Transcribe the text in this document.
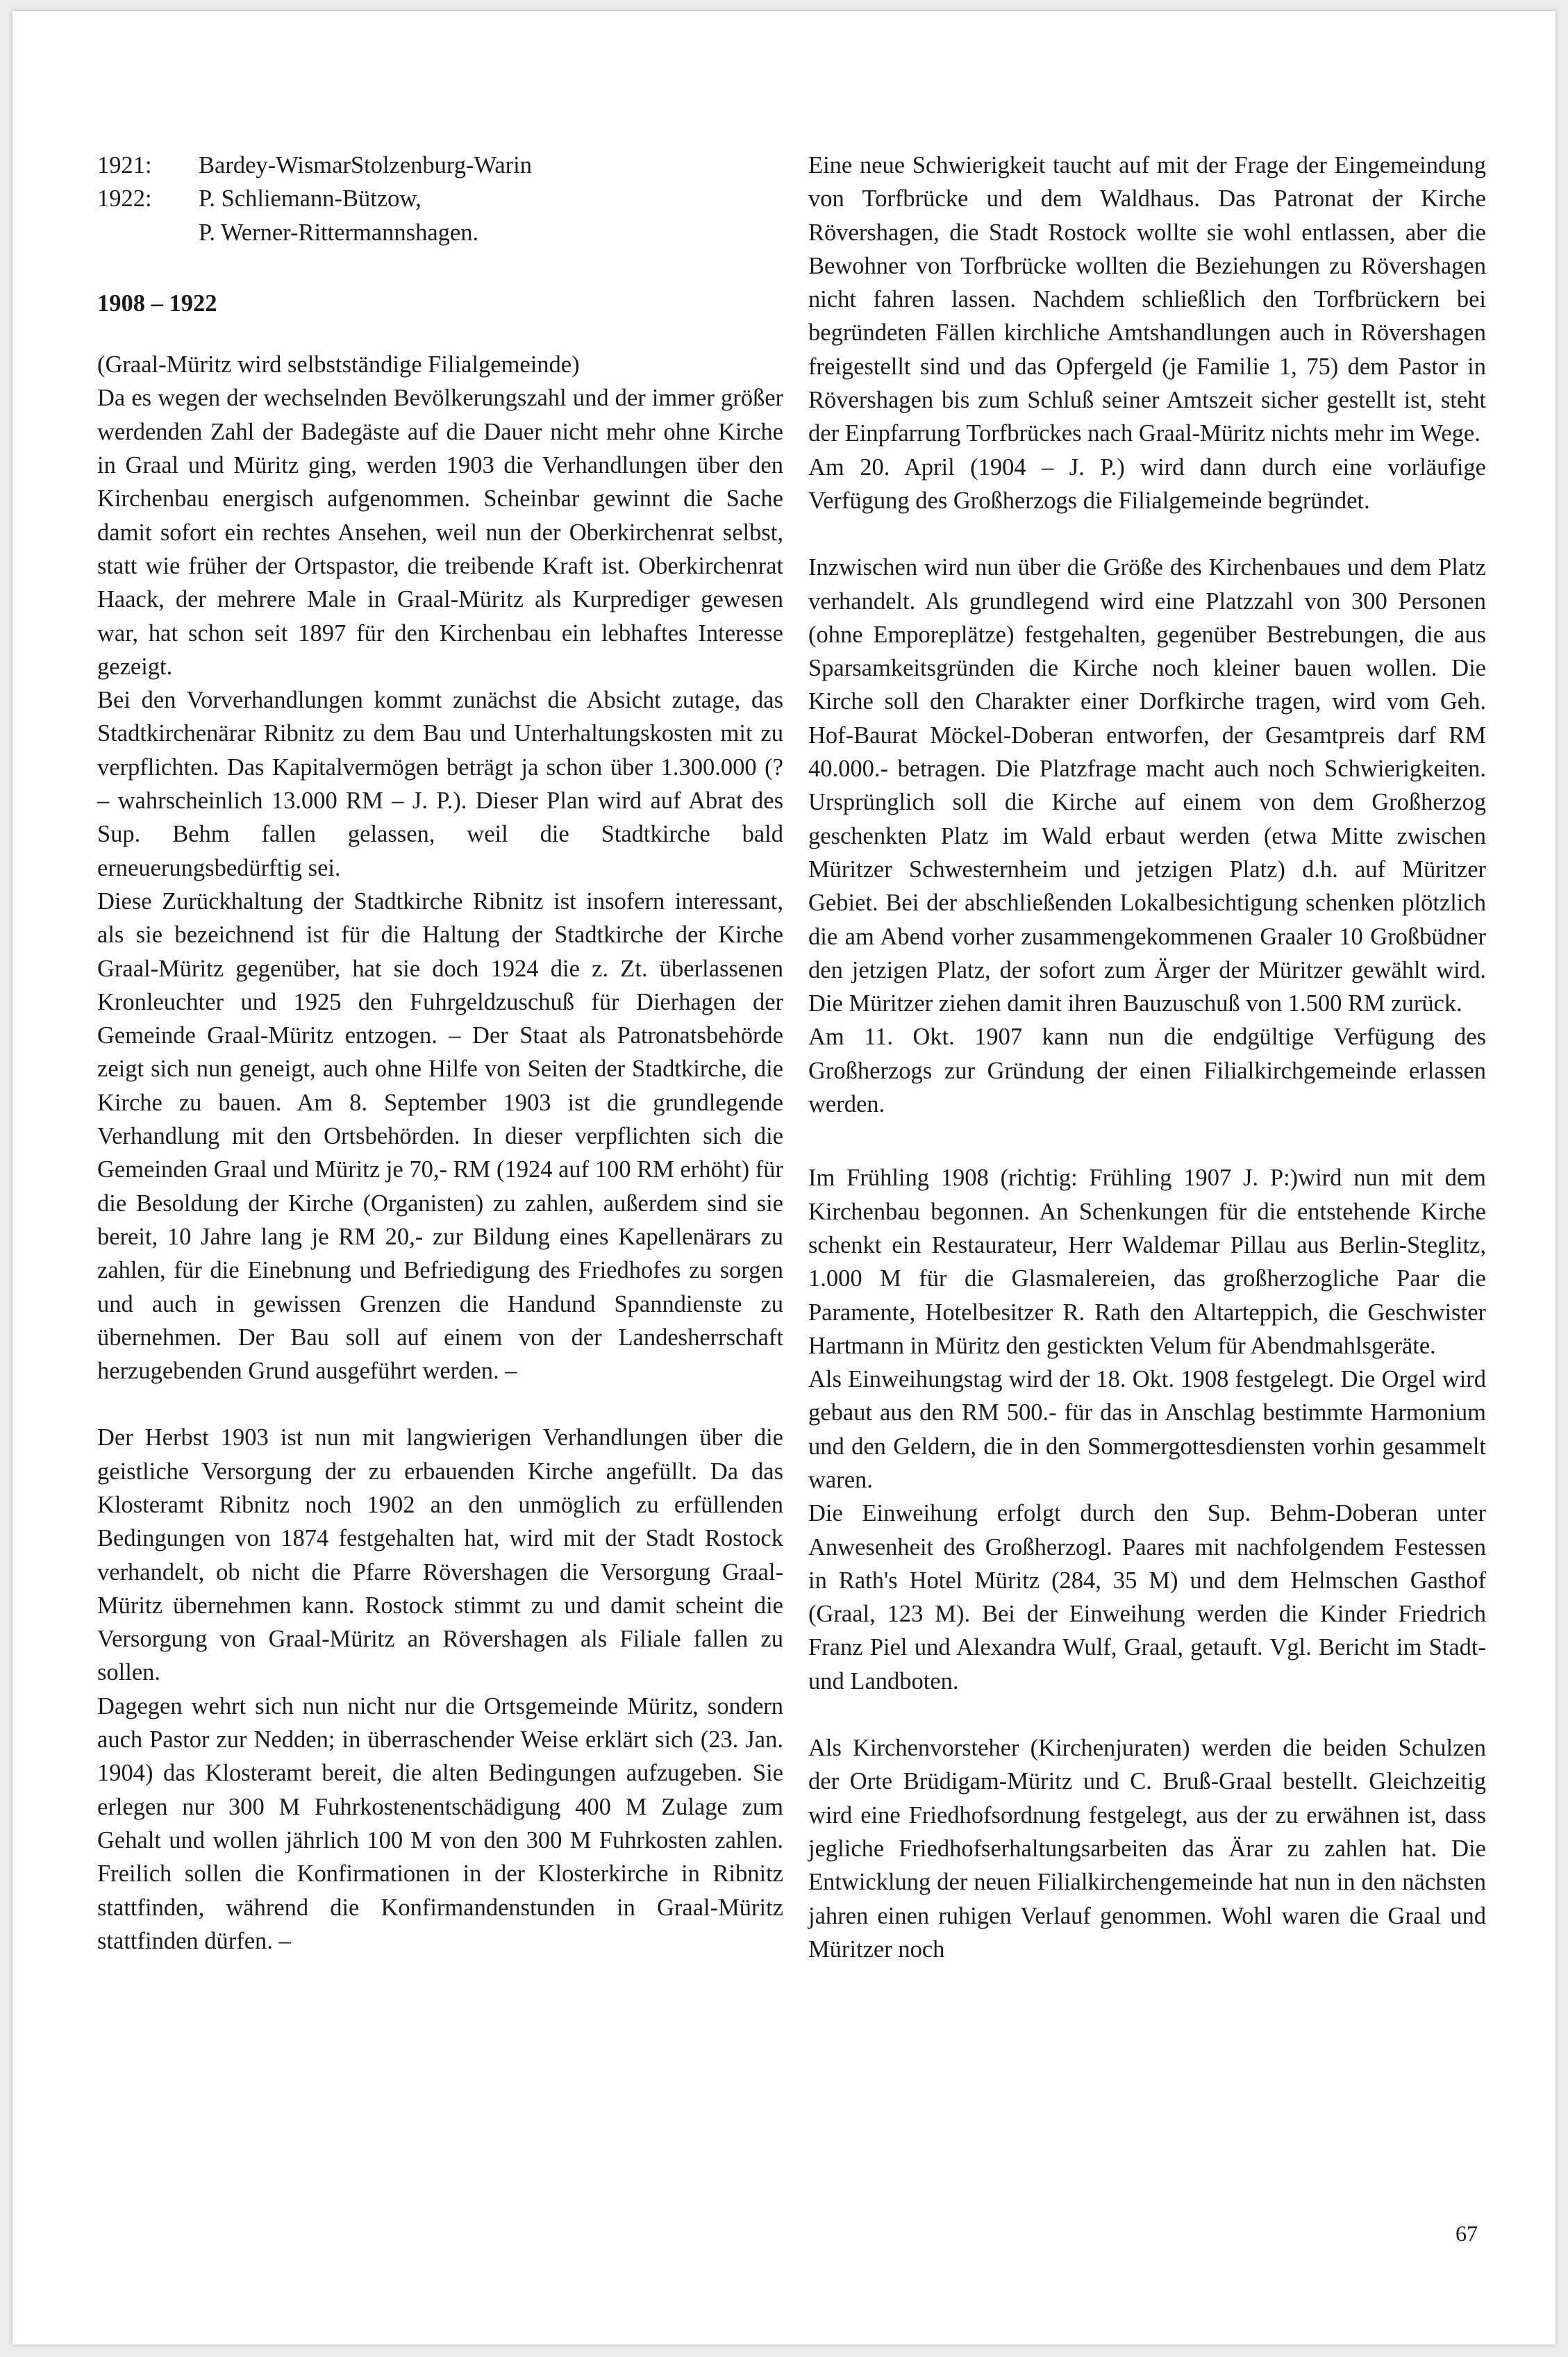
1921:	Bardey-WismarStolzenburg-Warin
1922:	P. Schliemann-Bützow,
P. Werner-Rittermannshagen.
1908 – 1922

(Graal-Müritz wird selbstständige Filialgemeinde)

Da es wegen der wechselnden Bevölkerungszahl und der immer größer werdenden Zahl der Badegäste auf die Dauer nicht mehr ohne Kirche in Graal und Müritz ging, werden 1903 die Verhandlungen über den Kirchenbau energisch aufgenommen. Scheinbar gewinnt die Sache damit sofort ein rechtes Ansehen, weil nun der Oberkirchenrat selbst, statt wie früher der Ortspastor, die treibende Kraft ist. Oberkirchenrat Haack, der mehrere Male in Graal-Müritz als Kurprediger gewesen war, hat schon seit 1897 für den Kirchenbau ein lebhaftes Interesse gezeigt.

Bei den Vorverhandlungen kommt zunächst die Absicht zutage, das Stadtkirchenärar Ribnitz zu dem Bau und Unterhaltungskosten mit zu verpflichten. Das Kapitalvermögen beträgt ja schon über 1.300.000 (? – wahrscheinlich 13.000 RM – J. P.). Dieser Plan wird auf Abrat des Sup. Behm fallen gelassen, weil die Stadtkirche bald erneuerungsbedürftig sei.

Diese Zurückhaltung der Stadtkirche Ribnitz ist insofern interessant, als sie bezeichnend ist für die Haltung der Stadtkirche der Kirche Graal-Müritz gegenüber, hat sie doch 1924 die z. Zt. überlassenen Kronleuchter und 1925 den Fuhrgeldzuschuß für Dierhagen der Gemeinde Graal-Müritz entzogen. – Der Staat als Patronatsbehörde zeigt sich nun geneigt, auch ohne Hilfe von Seiten der Stadtkirche, die Kirche zu bauen. Am 8. September 1903 ist die grundlegende Verhandlung mit den Ortsbehörden. In dieser verpflichten sich die Gemeinden Graal und Müritz je 70,- RM (1924 auf 100 RM erhöht) für die Besoldung der Kirche (Organisten) zu zahlen, außerdem sind sie bereit, 10 Jahre lang je RM 20,- zur Bildung eines Kapellenärars zu zahlen, für die Einebnung und Befriedigung des Friedhofes zu sorgen und auch in gewissen Grenzen die Handund Spanndienste zu übernehmen. Der Bau soll auf einem von der Landesherrschaft herzugebenden Grund ausgeführt werden. –

Der Herbst 1903 ist nun mit langwierigen Verhandlungen über die geistliche Versorgung der zu erbauenden Kirche angefüllt. Da das Klosteramt Ribnitz noch 1902 an den unmöglich zu erfüllenden Bedingungen von 1874 festgehalten hat, wird mit der Stadt Rostock verhandelt, ob nicht die Pfarre Rövershagen die Versorgung Graal-Müritz übernehmen kann. Rostock stimmt zu und damit scheint die Versorgung von Graal-Müritz an Rövershagen als Filiale fallen zu sollen.

Dagegen wehrt sich nun nicht nur die Ortsgemeinde Müritz, sondern auch Pastor zur Nedden; in überraschender Weise erklärt sich (23. Jan. 1904) das Klosteramt bereit, die alten Bedingungen aufzugeben. Sie erlegen nur 300 M Fuhrkostenentschädigung 400 M Zulage zum Gehalt und wollen jährlich 100 M von den 300 M Fuhrkosten zahlen. Freilich sollen die Konfirmationen in der Klosterkirche in Ribnitz stattfinden, während die Konfirmandenstunden in Graal-Müritz stattfinden dürfen. –

Eine neue Schwierigkeit taucht auf mit der Frage der Eingemeindung von Torfbrücke und dem Waldhaus. Das Patronat der Kirche Rövershagen, die Stadt Rostock wollte sie wohl entlassen, aber die Bewohner von Torfbrücke wollten die Beziehungen zu Rövershagen nicht fahren lassen. Nachdem schließlich den Torfbrückern bei begründeten Fällen kirchliche Amtshandlungen auch in Rövershagen freigestellt sind und das Opfergeld (je Familie 1, 75) dem Pastor in Rövershagen bis zum Schluß seiner Amtszeit sicher gestellt ist, steht der Einpfarrung Torfbrückes nach Graal-Müritz nichts mehr im Wege.

Am 20. April (1904 – J. P.) wird dann durch eine vorläufige Verfügung des Großherzogs die Filialgemeinde begründet.

Inzwischen wird nun über die Größe des Kirchenbaues und dem Platz verhandelt. Als grundlegend wird eine Platzzahl von 300 Personen (ohne Emporeplätze) festgehalten, gegenüber Bestrebungen, die aus Sparsamkeitsgründen die Kirche noch kleiner bauen wollen. Die Kirche soll den Charakter einer Dorfkirche tragen, wird vom Geh. Hof-Baurat Möckel-Doberan entworfen, der Gesamtpreis darf RM 40.000.- betragen. Die Platzfrage macht auch noch Schwierigkeiten. Ursprünglich soll die Kirche auf einem von dem Großherzog geschenkten Platz im Wald erbaut werden (etwa Mitte zwischen Müritzer Schwesternheim und jetzigen Platz) d.h. auf Müritzer Gebiet. Bei der abschließenden Lokalbesichtigung schenken plötzlich die am Abend vorher zusammengekommenen Graaler 10 Großbüdner den jetzigen Platz, der sofort zum Ärger der Müritzer gewählt wird. Die Müritzer ziehen damit ihren Bauzuschuß von 1.500 RM zurück.

Am 11. Okt. 1907 kann nun die endgültige Verfügung des Großherzogs zur Gründung der einen Filialkirchgemeinde erlassen werden.

Im Frühling 1908 (richtig: Frühling 1907 J. P:)wird nun mit dem Kirchenbau begonnen. An Schenkungen für die entstehende Kirche schenkt ein Restaurateur, Herr Waldemar Pillau aus Berlin-Steglitz, 1.000 M für die Glasmalereien, das großherzogliche Paar die Paramente, Hotelbesitzer R. Rath den Altarteppich, die Geschwister Hartmann in Müritz den gestickten Velum für Abendmahlsgeräte.

Als Einweihungstag wird der 18. Okt. 1908 festgelegt. Die Orgel wird gebaut aus den RM 500.- für das in Anschlag bestimmte Harmonium und den Geldern, die in den Sommergottesdiensten vorhin gesammelt waren.

Die Einweihung erfolgt durch den Sup. Behm-Doberan unter Anwesenheit des Großherzogl. Paares mit nachfolgendem Festessen in Rath's Hotel Müritz (284, 35 M) und dem Helmschen Gasthof (Graal, 123 M). Bei der Einweihung werden die Kinder Friedrich Franz Piel und Alexandra Wulf, Graal, getauft. Vgl. Bericht im Stadt- und Landboten.

Als Kirchenvorsteher (Kirchenjuraten) werden die beiden Schulzen der Orte Brüdigam-Müritz und C. Bruß-Graal bestellt. Gleichzeitig wird eine Friedhofsordnung festgelegt, aus der zu erwähnen ist, dass jegliche Friedhofserhaltungsarbeiten das Ärar zu zahlen hat. Die Entwicklung der neuen Filialkirchengemeinde hat nun in den nächsten jahren einen ruhigen Verlauf genommen. Wohl waren die Graal und Müritzer noch

67
